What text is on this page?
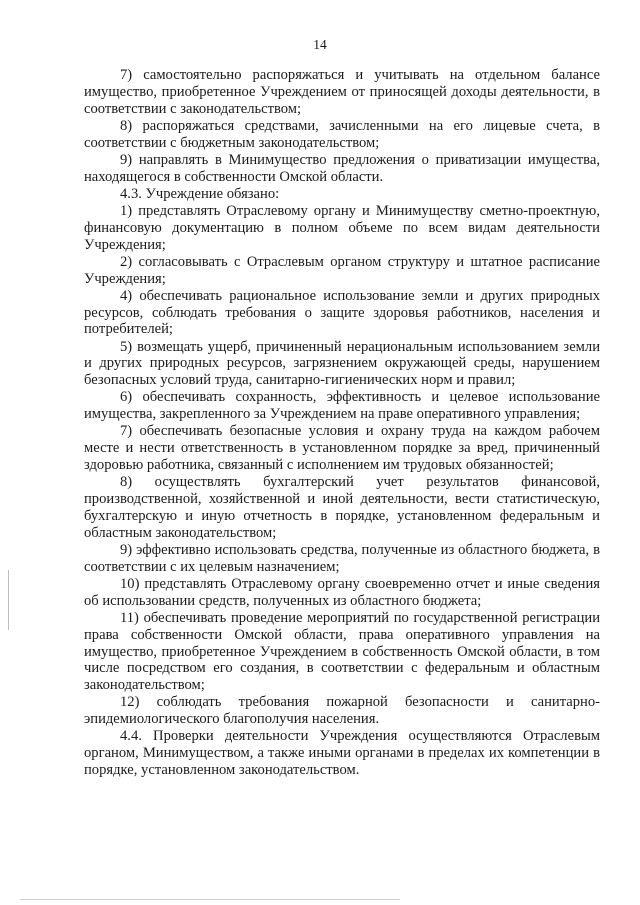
14

7) самостоятельно распоряжаться и учитывать на отдельном балансе имущество, приобретенное Учреждением от приносящей доходы деятельности, в соответствии с законодательством;

8) распоряжаться средствами, зачисленными на его лицевые счета, в соответствии с бюджетным законодательством;

9) направлять в Минимущество предложения о приватизации имущества, находящегося в собственности Омской области.

4.3. Учреждение обязано:

1) представлять Отраслевому органу и Минимуществу сметно-проектную, финансовую документацию в полном объеме по всем видам деятельности Учреждения;

2) согласовывать с Отраслевым органом структуру и штатное расписание Учреждения;

4) обеспечивать рациональное использование земли и других природных ресурсов, соблюдать требования о защите здоровья работников, населения и потребителей;

5) возмещать ущерб, причиненный нерациональным использованием земли и других природных ресурсов, загрязнением окружающей среды, нарушением безопасных условий труда, санитарно-гигиенических норм и правил;

6) обеспечивать сохранность, эффективность и целевое использование имущества, закрепленного за Учреждением на праве оперативного управления;

7) обеспечивать безопасные условия и охрану труда на каждом рабочем месте и нести ответственность в установленном порядке за вред, причиненный здоровью работника, связанный с исполнением им трудовых обязанностей;

8) осуществлять бухгалтерский учет результатов финансовой, производственной, хозяйственной и иной деятельности, вести статистическую, бухгалтерскую и иную отчетность в порядке, установленном федеральным и областным законодательством;

9) эффективно использовать средства, полученные из областного бюджета, в соответствии с их целевым назначением;

10) представлять Отраслевому органу своевременно отчет и иные сведения об использовании средств, полученных из областного бюджета;

11) обеспечивать проведение мероприятий по государственной регистрации права собственности Омской области, права оперативного управления на имущество, приобретенное Учреждением в собственность Омской области, в том числе посредством его создания, в соответствии с федеральным и областным законодательством;

12) соблюдать требования пожарной безопасности и санитарно-эпидемиологического благополучия населения.

4.4. Проверки деятельности Учреждения осуществляются Отраслевым органом, Минимуществом, а также иными органами в пределах их компетенции в порядке, установленном законодательством.
